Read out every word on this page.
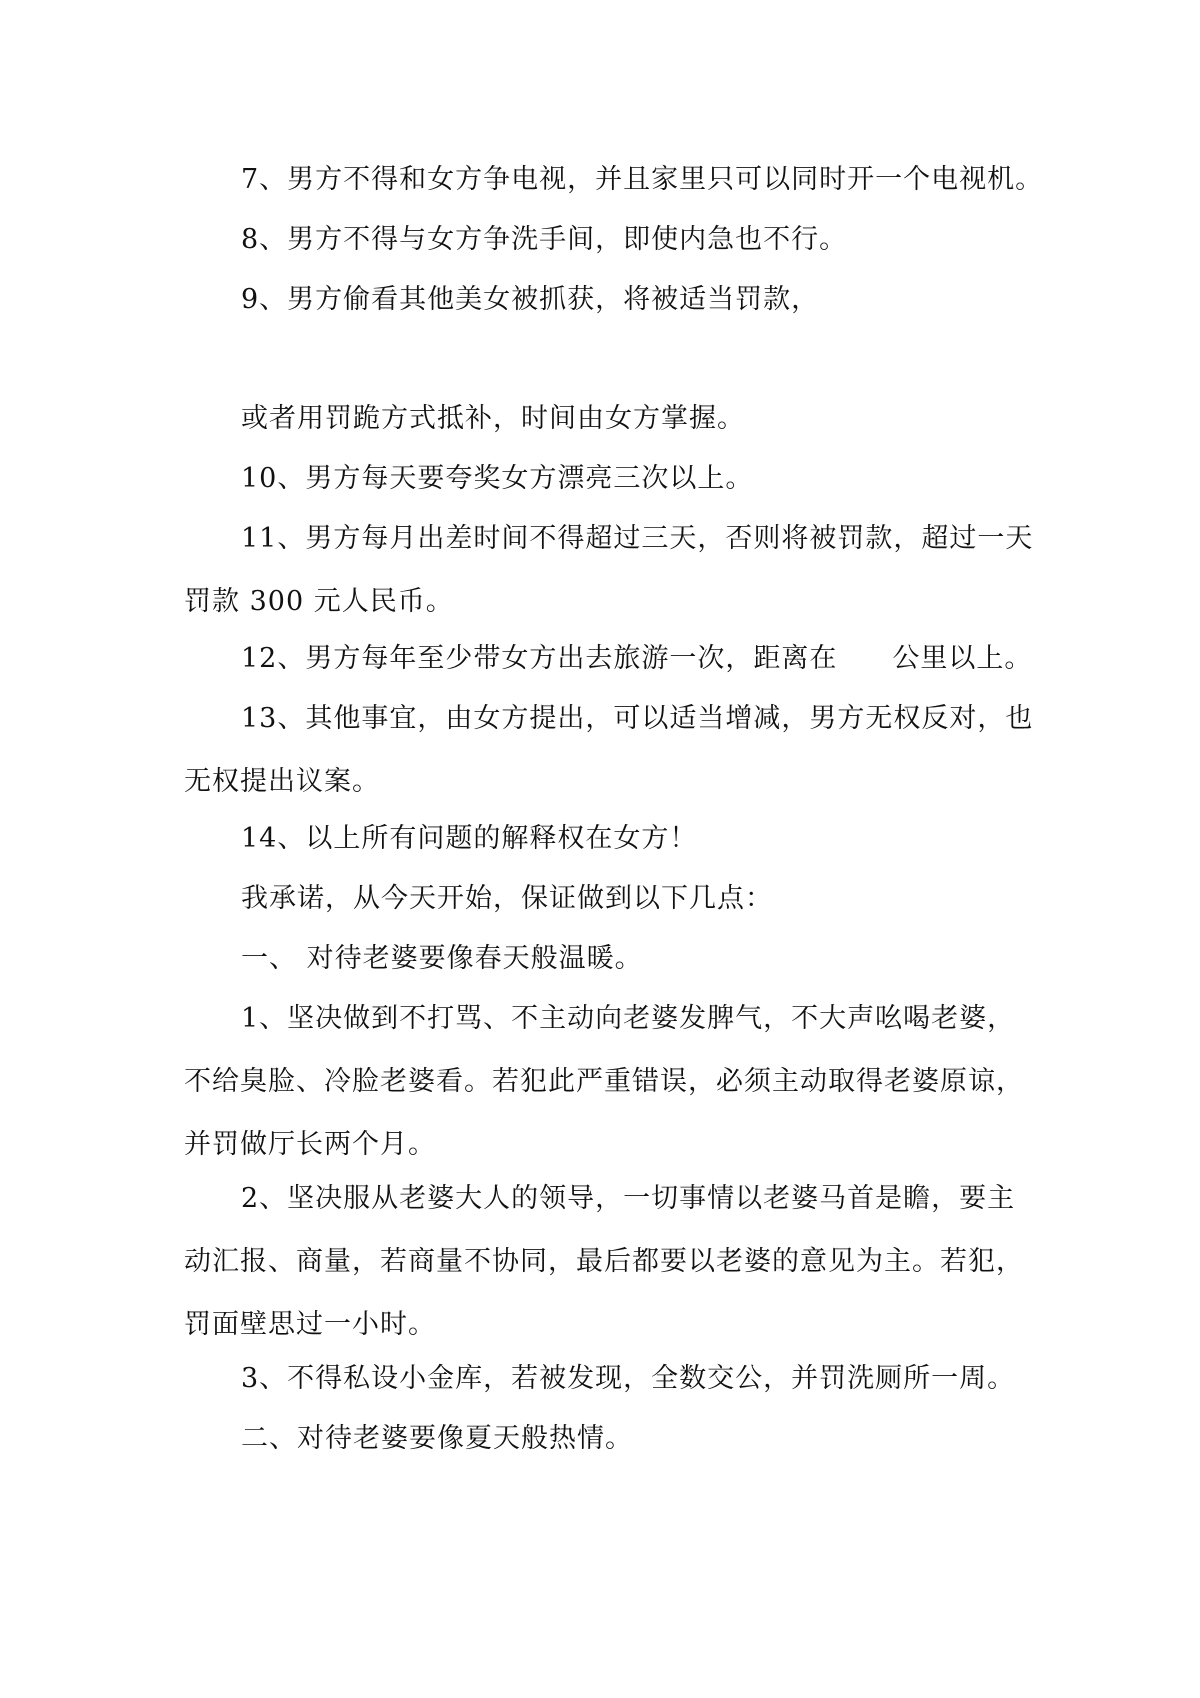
7、男方不得和女方争电视，并且家里只可以同时开一个电视机。

8、男方不得与女方争洗手间，即使内急也不行。

9、男方偷看其他美女被抓获，将被适当罚款，

或者用罚跪方式抵补，时间由女方掌握。

10、男方每天要夸奖女方漂亮三次以上。

11、男方每月出差时间不得超过三天，否则将被罚款，超过一天
罚款 300 元人民币。

12、男方每年至少带女方出去旅游一次，距离在 公里以上。

13、其他事宜，由女方提出，可以适当增减，男方无权反对，也
无权提出议案。

14、以上所有问题的解释权在女方！

我承诺，从今天开始，保证做到以下几点：

一、 对待老婆要像春天般温暖。

1、坚决做到不打骂、不主动向老婆发脾气，不大声吆喝老婆，
不给臭脸、冷脸老婆看。若犯此严重错误，必须主动取得老婆原谅，
并罚做厅长两个月。

2、坚决服从老婆大人的领导，一切事情以老婆马首是瞻，要主
动汇报、商量，若商量不协同，最后都要以老婆的意见为主。若犯，
罚面壁思过一小时。

3、不得私设小金库，若被发现，全数交公，并罚洗厕所一周。

二、对待老婆要像夏天般热情。
